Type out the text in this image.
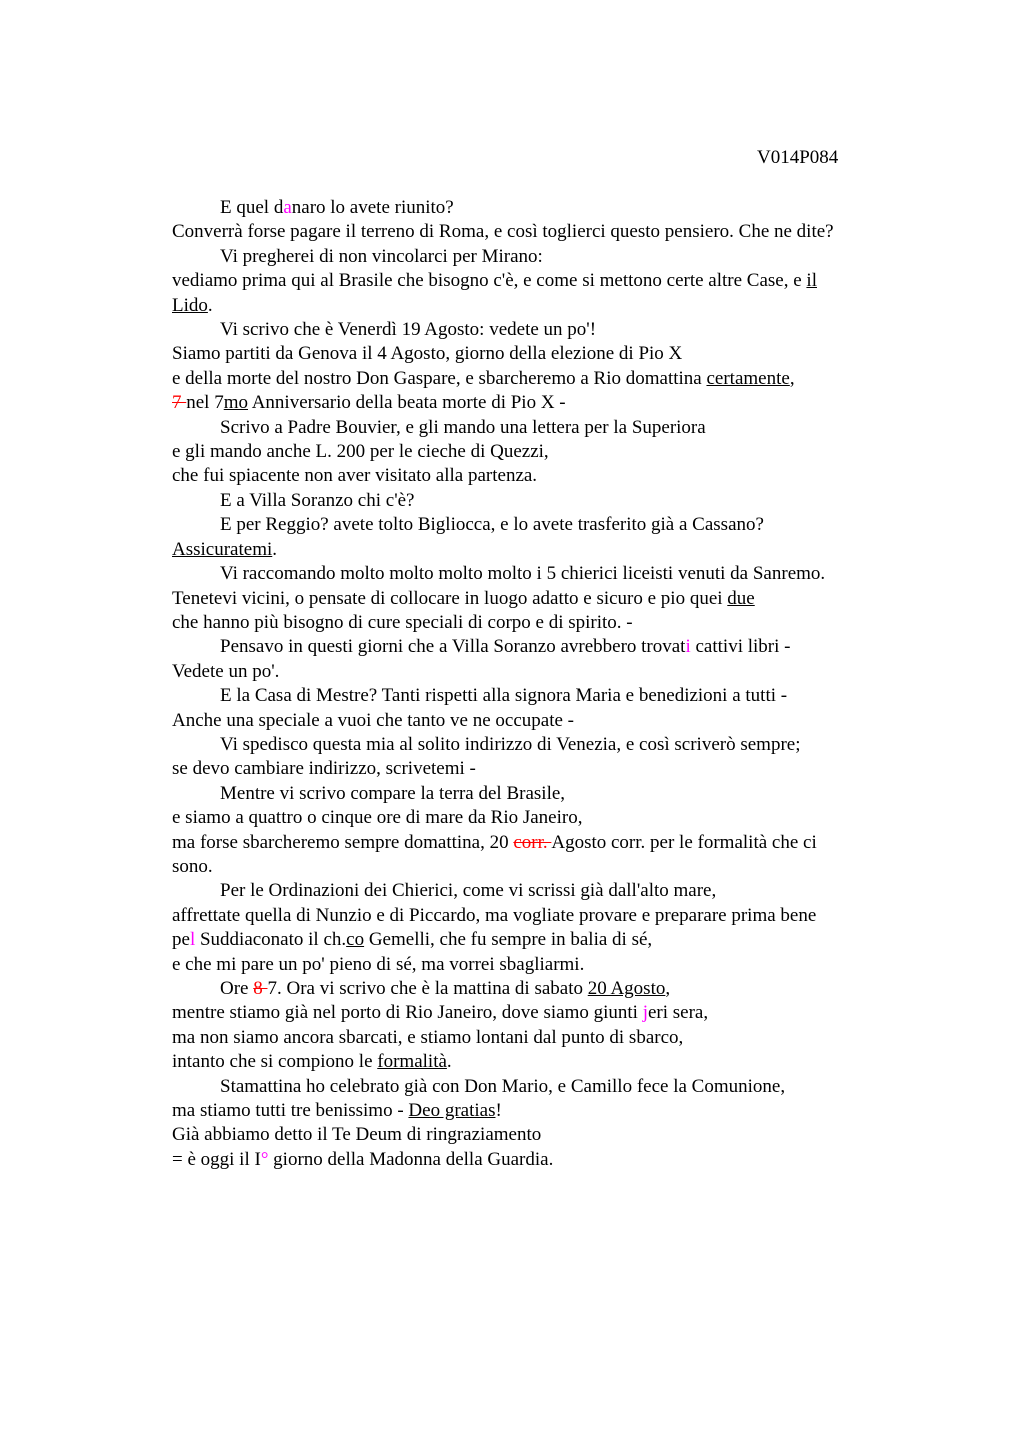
V014P084
E quel danaro lo avete riunito?
Converrà forse pagare il terreno di Roma, e così toglierci questo pensiero. Che ne dite?
Vi pregherei di non vincolarci per Mirano:
vediamo prima qui al Brasile che bisogno c'è, e come si mettono certe altre Case, e il
Lido.
Vi scrivo che è Venerdì 19 Agosto: vedete un po'!
Siamo partiti da Genova il 4 Agosto, giorno della elezione di Pio X
e della morte del nostro Don Gaspare, e sbarcheremo a Rio domattina certamente,
7 nel 7mo Anniversario della beata morte di Pio X -
Scrivo a Padre Bouvier, e gli mando una lettera per la Superiora
e gli mando anche L. 200 per le cieche di Quezzi,
che fui spiacente non aver visitato alla partenza.
E a Villa Soranzo chi c'è?
E per Reggio? avete tolto Bigliocca, e lo avete trasferito già a Cassano?
Assicuratemi.
Vi raccomando molto molto molto molto i 5 chierici liceisti venuti da Sanremo.
Tenetevi vicini, o pensate di collocare in luogo adatto e sicuro e pio quei due
che hanno più bisogno di cure speciali di corpo e di spirito. -
Pensavo in questi giorni che a Villa Soranzo avrebbero trovati cattivi libri -
Vedete un po'.
E la Casa di Mestre? Tanti rispetti alla signora Maria e benedizioni a tutti -
Anche una speciale a vuoi che tanto ve ne occupate -
Vi spedisco questa mia al solito indirizzo di Venezia, e così scriverò sempre;
se devo cambiare indirizzo, scrivetemi -
Mentre vi scrivo compare la terra del Brasile,
e siamo a quattro o cinque ore di mare da Rio Janeiro,
ma forse sbarcheremo sempre domattina, 20 corr. Agosto corr. per le formalità che ci
sono.
Per le Ordinazioni dei Chierici, come vi scrissi già dall'alto mare,
affrettate quella di Nunzio e di Piccardo, ma vogliate provare e preparare prima bene
pel Suddiaconato il ch.co Gemelli, che fu sempre in balia di sé,
e che mi pare un po' pieno di sé, ma vorrei sbagliarmi.
Ore 8 7. Ora vi scrivo che è la mattina di sabato 20 Agosto,
mentre stiamo già nel porto di Rio Janeiro, dove siamo giunti jeri sera,
ma non siamo ancora sbarcati, e stiamo lontani dal punto di sbarco,
intanto che si compiono le formalità.
Stamattina ho celebrato già con Don Mario, e Camillo fece la Comunione,
ma stiamo tutti tre benissimo - Deo gratias!
Già abbiamo detto il Te Deum di ringraziamento
= è oggi il I° giorno della Madonna della Guardia.
